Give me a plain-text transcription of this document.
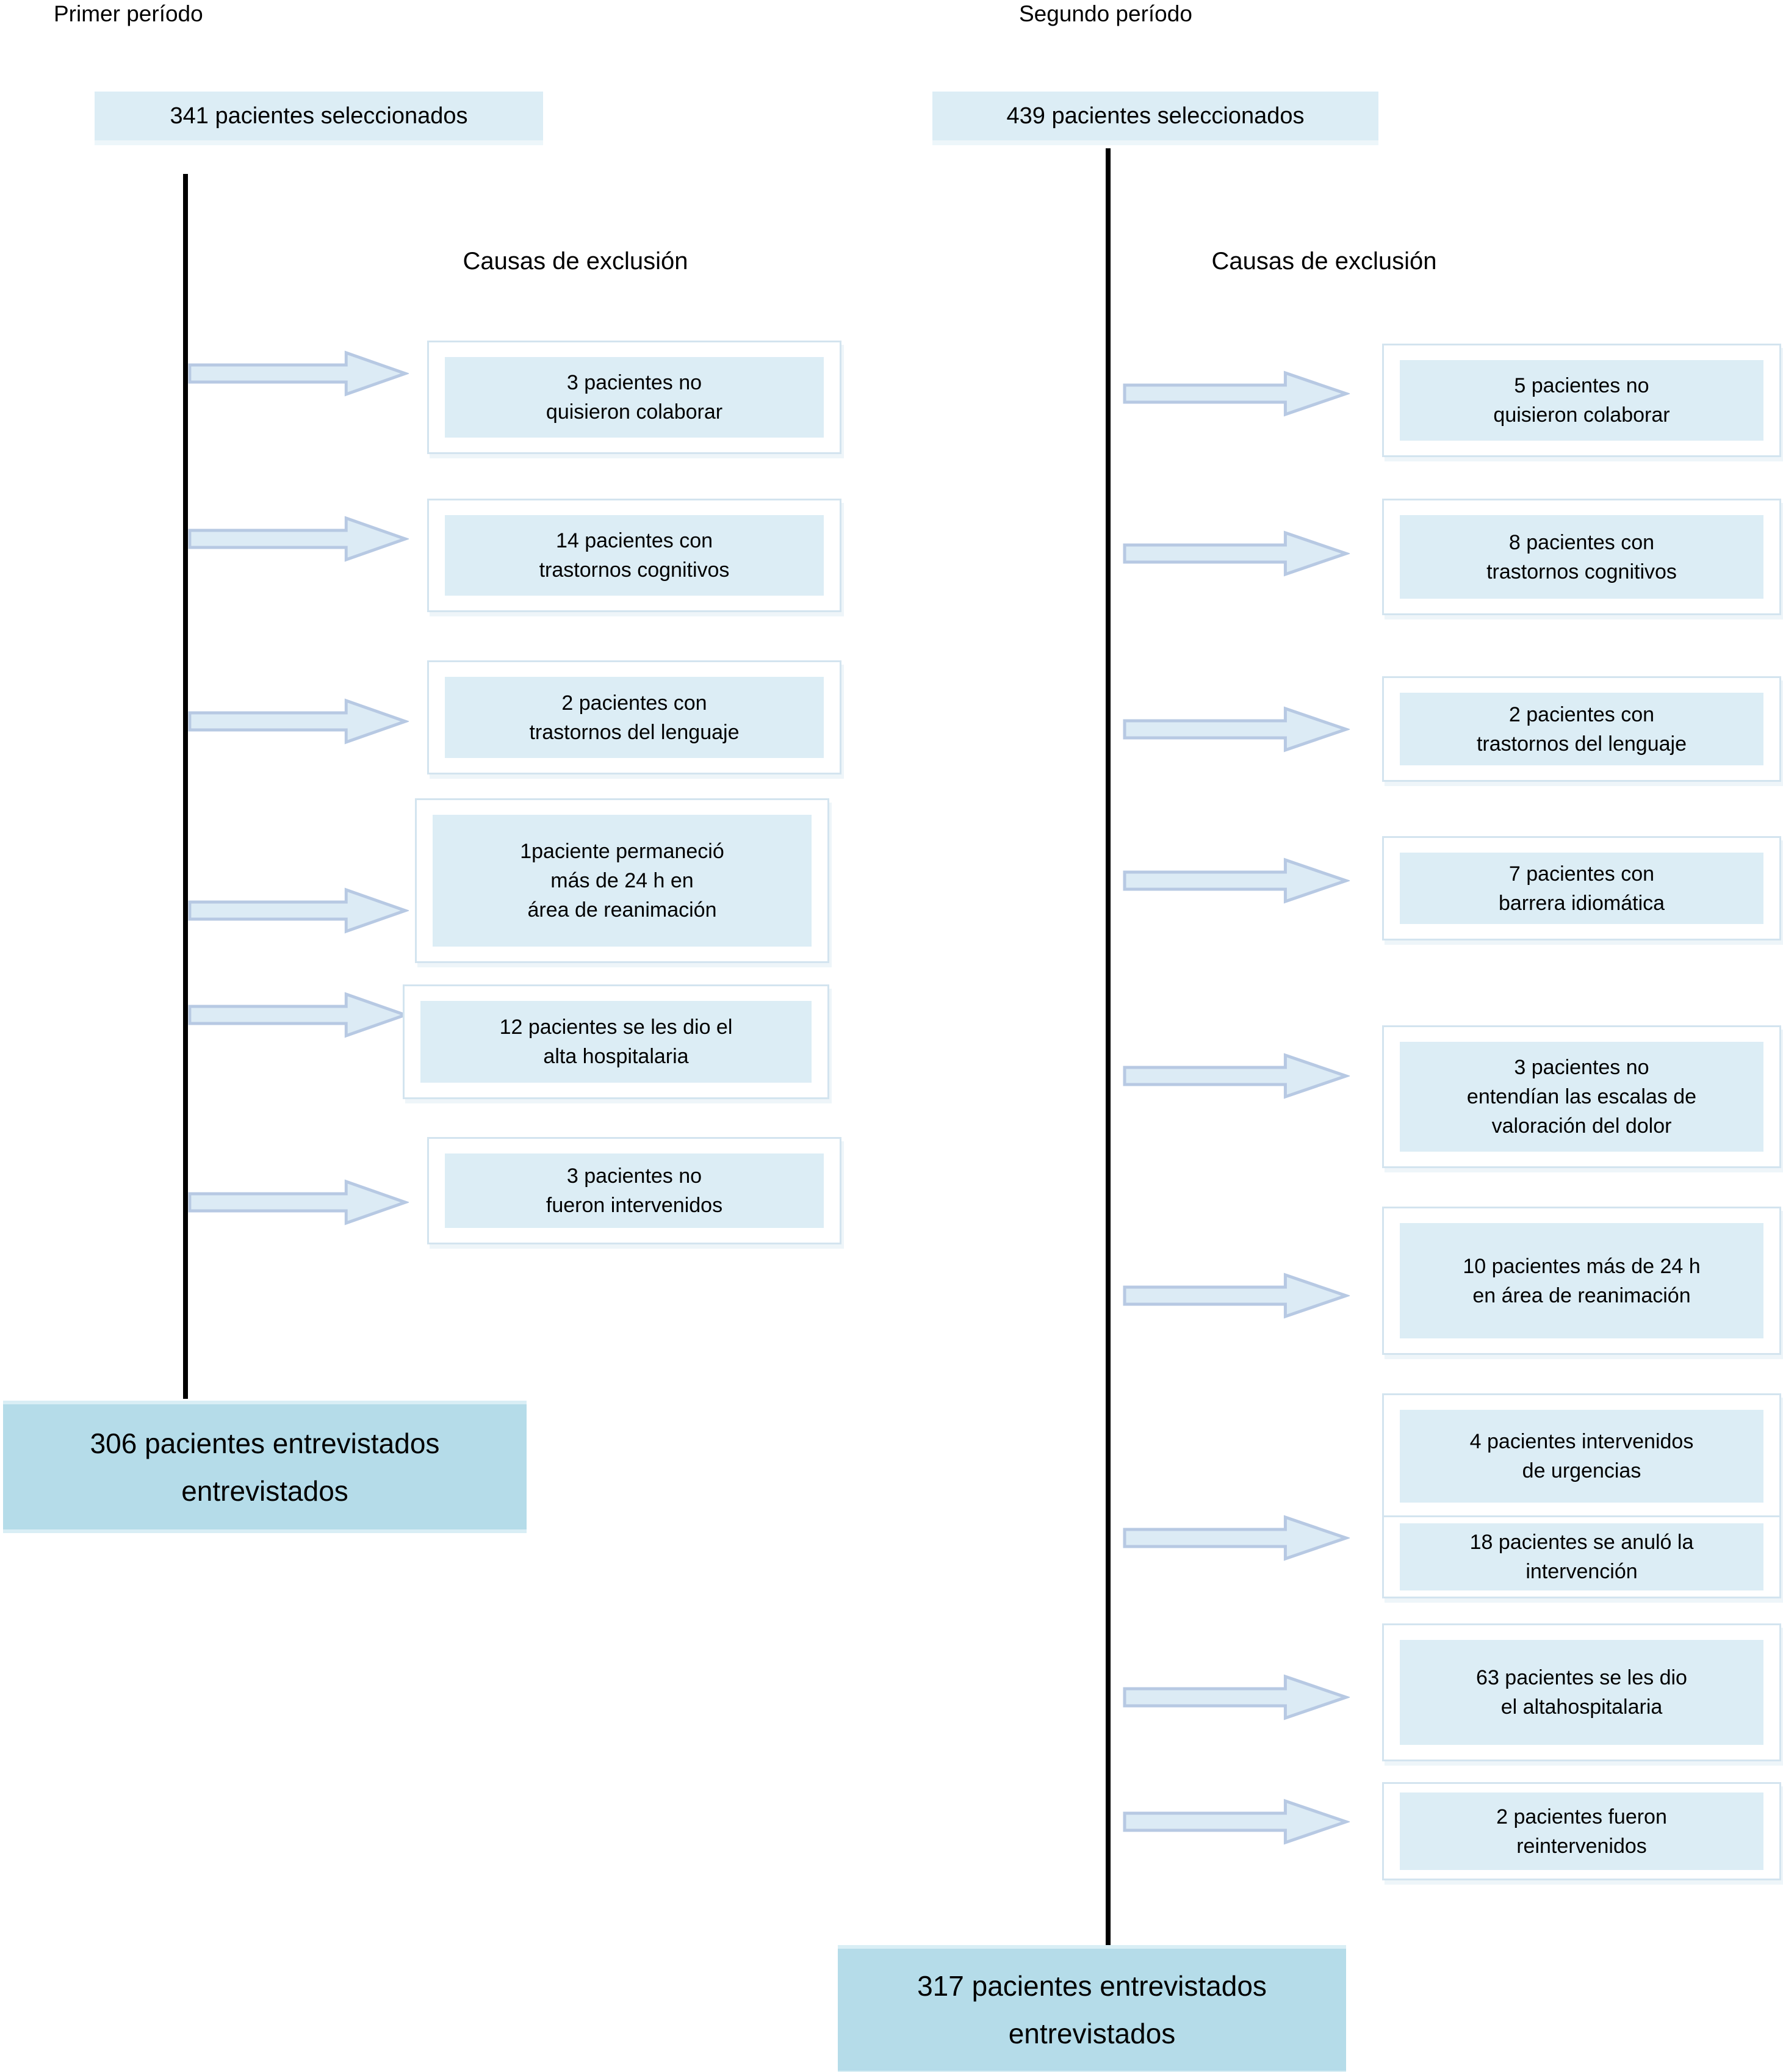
Primer período
341 pacientes seleccionados
Causas de exclusión
3 pacientes no
quisieron colaborar
14 pacientes con
trastornos cognitivos
2 pacientes con
trastornos del lenguaje
1paciente permaneció
más de 24 h en
área de reanimación
12 pacientes se les dio el
alta hospitalaria
3 pacientes no
fueron intervenidos
306 pacientes entrevistados
entrevistados
Segundo período
439 pacientes seleccionados
Causas de exclusión
5 pacientes no
quisieron colaborar
8 pacientes con
trastornos cognitivos
2 pacientes con
trastornos del lenguaje
7 pacientes con
barrera idiomática
3 pacientes no
entendían las escalas de
valoración del dolor
10 pacientes más de 24 h
en área de reanimación
4 pacientes intervenidos
de urgencias
18 pacientes se anuló la
intervención
63 pacientes se les dio
el altahospitalaria
2 pacientes fueron
reintervenidos
317 pacientes entrevistados
entrevistados
